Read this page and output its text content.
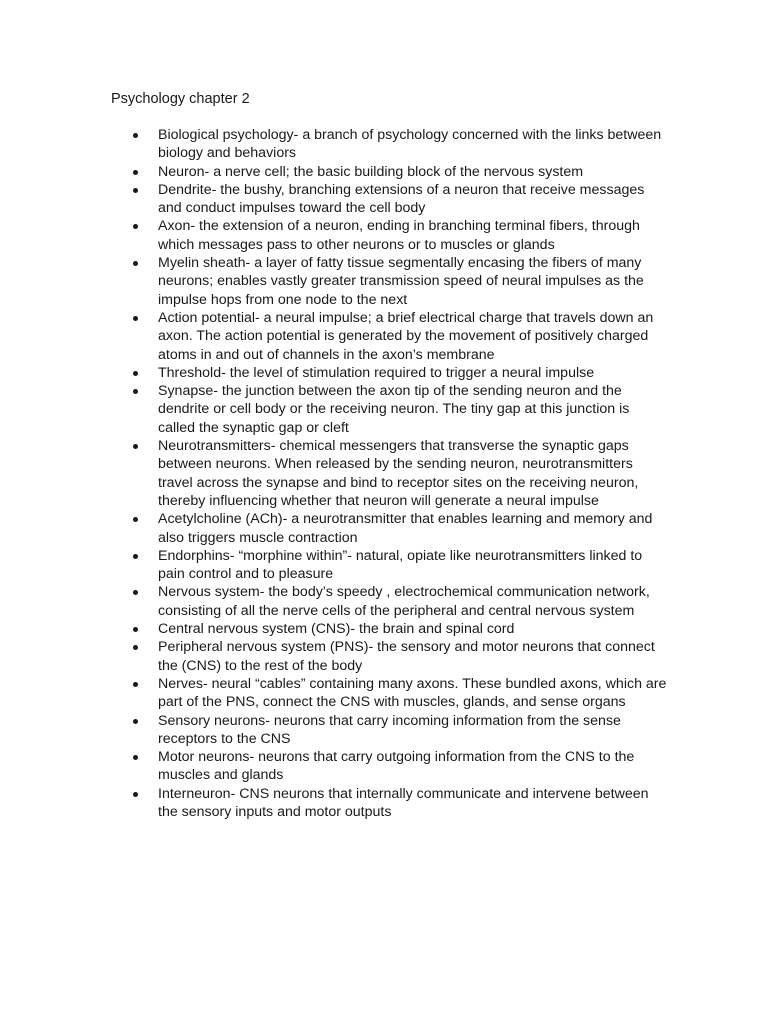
Psychology chapter 2
Biological psychology- a branch of psychology concerned with the links between biology and behaviors
Neuron- a nerve cell; the basic building block of the nervous system
Dendrite- the bushy, branching extensions of a neuron that receive messages and conduct impulses toward the cell body
Axon- the extension of a neuron, ending in branching terminal fibers, through which messages pass to other neurons or to muscles or glands
Myelin sheath- a layer of fatty tissue segmentally encasing the fibers of many neurons; enables vastly greater transmission speed of neural impulses as the impulse hops from one node to the next
Action potential- a neural impulse; a brief electrical charge that travels down an axon. The action potential is generated by the movement of positively charged atoms in and out of channels in the axon’s membrane
Threshold- the level of stimulation required to trigger a neural impulse
Synapse- the junction between the axon tip of the sending neuron and the dendrite or cell body or the receiving neuron. The tiny gap at this junction is called the synaptic gap or cleft
Neurotransmitters- chemical messengers that transverse the synaptic gaps between neurons. When released by the sending neuron, neurotransmitters travel across the synapse and bind to receptor sites on the receiving neuron, thereby influencing whether that neuron will generate a neural impulse
Acetylcholine (ACh)- a neurotransmitter that enables learning and memory and also triggers muscle contraction
Endorphins- “morphine within”- natural, opiate like neurotransmitters linked to pain control and to pleasure
Nervous system- the body’s speedy , electrochemical communication network, consisting of all the nerve cells of the peripheral and central nervous system
Central nervous system (CNS)- the brain and spinal cord
Peripheral nervous system (PNS)- the sensory and motor neurons that connect the (CNS) to the rest of the body
Nerves- neural “cables” containing many axons. These bundled axons, which are part of the PNS, connect the CNS with muscles, glands, and sense organs
Sensory neurons- neurons that carry incoming information from the sense receptors to the CNS
Motor neurons- neurons that carry outgoing information from the CNS to the muscles and glands
Interneuron- CNS neurons that internally communicate and intervene between the sensory inputs and motor outputs
